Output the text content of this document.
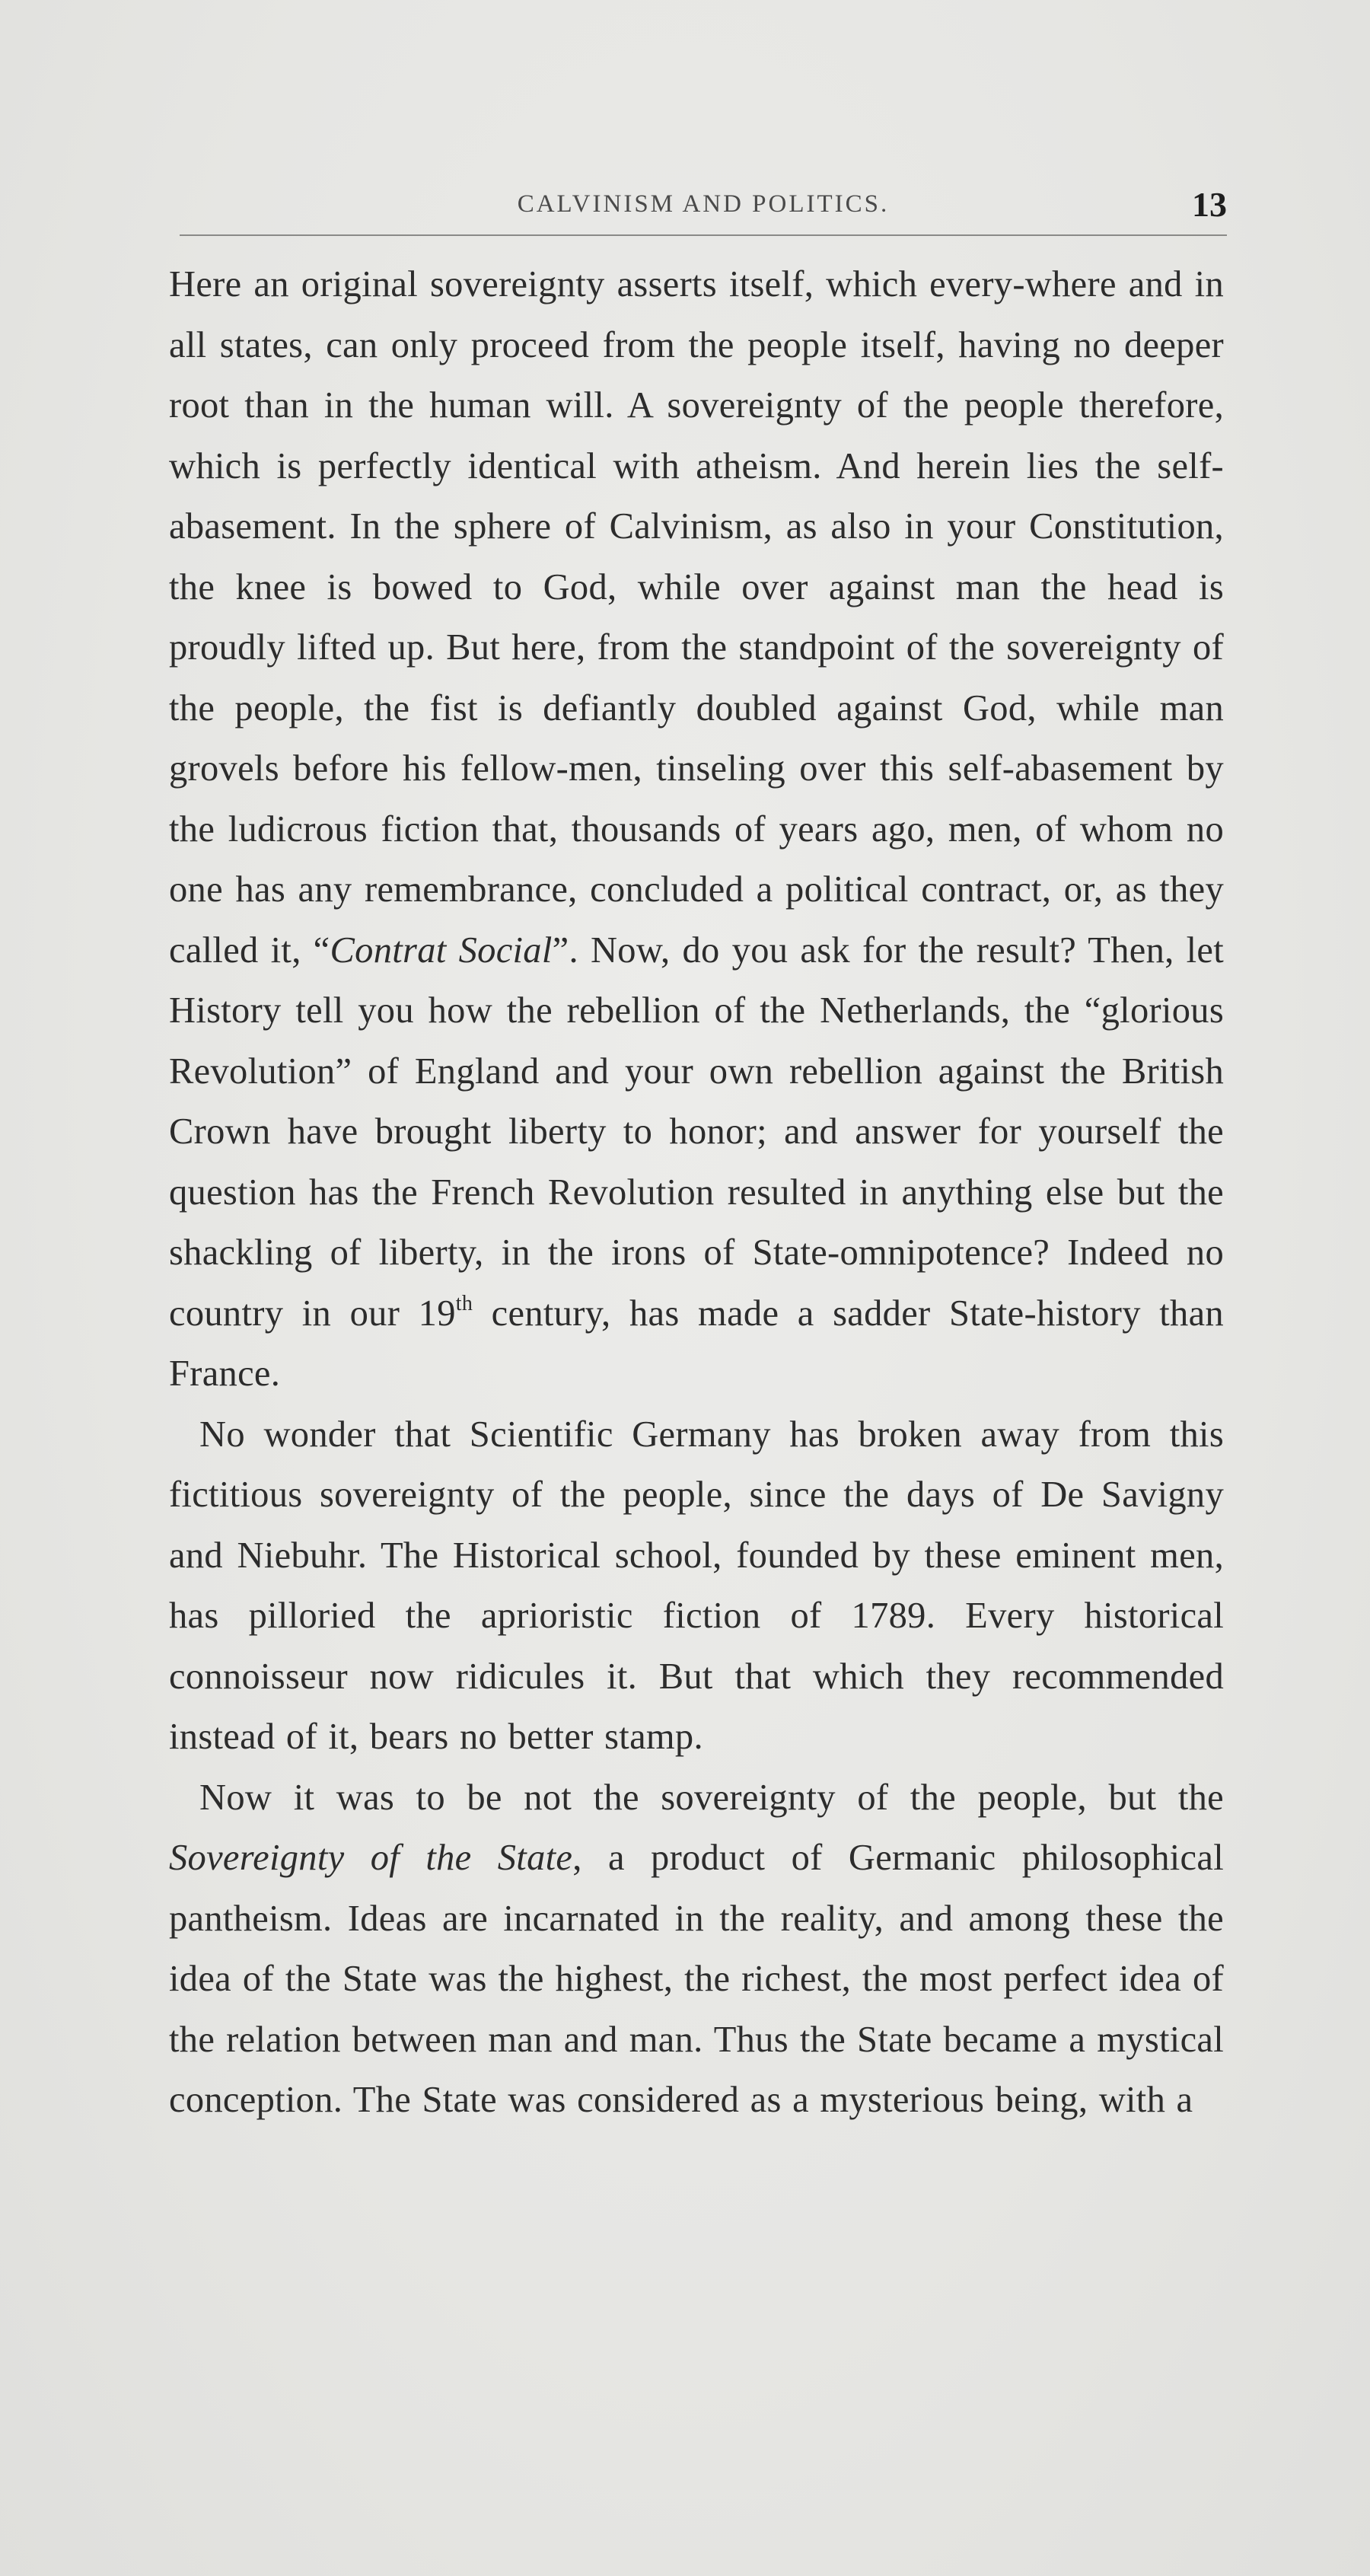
CALVINISM AND POLITICS.	13

Here an original sovereignty asserts itself, which every-where and in all states, can only proceed from the people itself, having no deeper root than in the human will. A sovereignty of the people therefore, which is perfectly identical with atheism. And herein lies the self-abasement. In the sphere of Calvinism, as also in your Constitution, the knee is bowed to God, while over against man the head is proudly lifted up. But here, from the standpoint of the sovereignty of the people, the fist is defiantly doubled against God, while man grovels before his fellow-men, tinseling over this self-abasement by the ludicrous fiction that, thousands of years ago, men, of whom no one has any remembrance, concluded a political contract, or, as they called it, “Contrat Social”. Now, do you ask for the result? Then, let History tell you how the rebellion of the Netherlands, the “glorious Revolution” of England and your own rebellion against the British Crown have brought liberty to honor; and answer for yourself the question has the French Revolution resulted in anything else but the shackling of liberty, in the irons of State-omnipotence? Indeed no country in our 19th century, has made a sadder State-history than France.

No wonder that Scientific Germany has broken away from this fictitious sovereignty of the people, since the days of De Savigny and Niebuhr. The Historical school, founded by these eminent men, has pilloried the aprioristic fiction of 1789. Every historical connoisseur now ridicules it. But that which they recommended instead of it, bears no better stamp.

Now it was to be not the sovereignty of the people, but the Sovereignty of the State, a product of Germanic philosophical pantheism. Ideas are incarnated in the reality, and among these the idea of the State was the highest, the richest, the most perfect idea of the relation between man and man. Thus the State became a mystical conception. The State was considered as a mysterious being, with a
